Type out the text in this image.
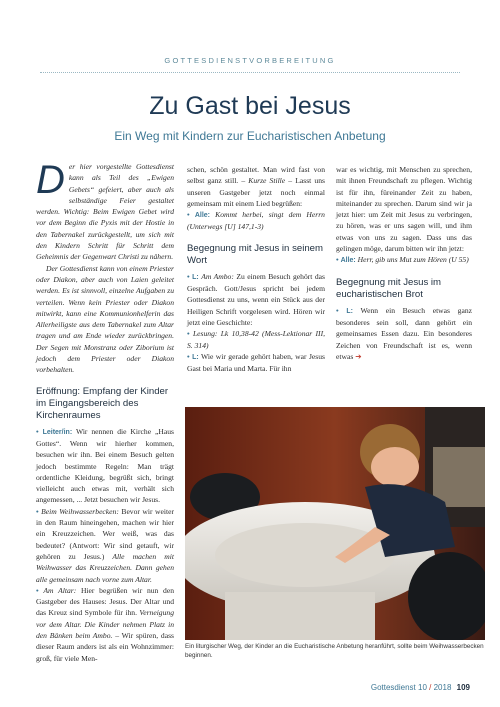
GOTTESDIENSTVORBEREITUNG
Zu Gast bei Jesus
Ein Weg mit Kindern zur Eucharistischen Anbetung

Der hier vorgestellte Gottesdienst kann als Teil des „Ewigen Gebets“ gefeiert, aber auch als selbständige Feier gestaltet werden. Wichtig: Beim Ewigen Gebet wird vor dem Beginn die Pyxis mit der Hostie in den Tabernakel zurückgestellt, um sich mit den Kindern Schritt für Schritt dem Geheimnis der Gegenwart Christi zu nähern.

Der Gottesdienst kann von einem Priester oder Diakon, aber auch von Laien geleitet werden. Es ist sinnvoll, einzelne Aufgaben zu verteilen. Wenn kein Priester oder Diakon mitwirkt, kann eine Kommunionhelferin das Allerheiligste aus dem Tabernakel zum Altar tragen und am Ende wieder zurückbringen. Der Segen mit Monstranz oder Ziborium ist jedoch dem Priester oder Diakon vorbehalten.

Eröffnung: Empfang der Kinder im Eingangsbereich des Kirchenraumes

• Leiter/in: Wir nennen die Kirche „Haus Gottes“. Wenn wir hierher kommen, besuchen wir ihn. Bei einem Besuch gelten jedoch bestimmte Regeln: Man trägt ordentliche Kleidung, begrüßt sich, bringt vielleicht auch etwas mit, verhält sich angemessen, ... Jetzt besuchen wir Jesus.

• Beim Weihwasserbecken: Bevor wir weiter in den Raum hineingehen, machen wir hier ein Kreuzzeichen. Wer weiß, was das bedeutet? (Antwort: Wir sind getauft, wir gehören zu Jesus.) Alle machen mit Weihwasser das Kreuzzeichen. Dann gehen alle gemeinsam nach vorne zum Altar.

• Am Altar: Hier begrüßen wir nun den Gastgeber des Hauses: Jesus. Der Altar und das Kreuz sind Symbole für ihn. Verneigung vor dem Altar. Die Kinder nehmen Platz in den Bänken beim Ambo. – Wir spüren, dass dieser Raum anders ist als ein Wohnzimmer: groß, für viele Men-

schen, schön gestaltet. Man wird fast von selbst ganz still. – Kurze Stille – Lasst uns unseren Gastgeber jetzt noch einmal gemeinsam mit einem Lied begrüßen:

• Alle: Kommt herbei, singt dem Herrn (Unterwegs [U] 147,1-3)

Begegnung mit Jesus in seinem Wort

• L: Am Ambo: Zu einem Besuch gehört das Gespräch. Gott/Jesus spricht bei jedem Gottesdienst zu uns, wenn ein Stück aus der Heiligen Schrift vorgelesen wird. Hören wir jetzt eine Geschichte:

• Lesung: Lk 10,38-42 (Mess-Lektionar III, S. 314)

• L: Wie wir gerade gehört haben, war Jesus Gast bei Maria und Marta. Für ihn

war es wichtig, mit Menschen zu sprechen, mit ihnen Freundschaft zu pflegen. Wichtig ist für ihn, füreinander Zeit zu haben, miteinander zu sprechen. Darum sind wir ja jetzt hier: um Zeit mit Jesus zu verbringen, zu hören, was er uns sagen will, und ihm etwas von uns zu sagen. Dass uns das gelingen möge, darum bitten wir ihn jetzt:

• Alle: Herr, gib uns Mut zum Hören (U 55)

Begegnung mit Jesus im eucharistischen Brot

• L: Wenn ein Besuch etwas ganz besonderes sein soll, dann gehört ein gemeinsames Essen dazu. Ein besonderes Zeichen von Freundschaft ist es, wenn etwas ➔

Ein liturgischer Weg, der Kinder an die Eucharistische Anbetung heranführt, sollte beim Weihwasserbecken beginnen.
Gottesdienst 10 / 2018 109
